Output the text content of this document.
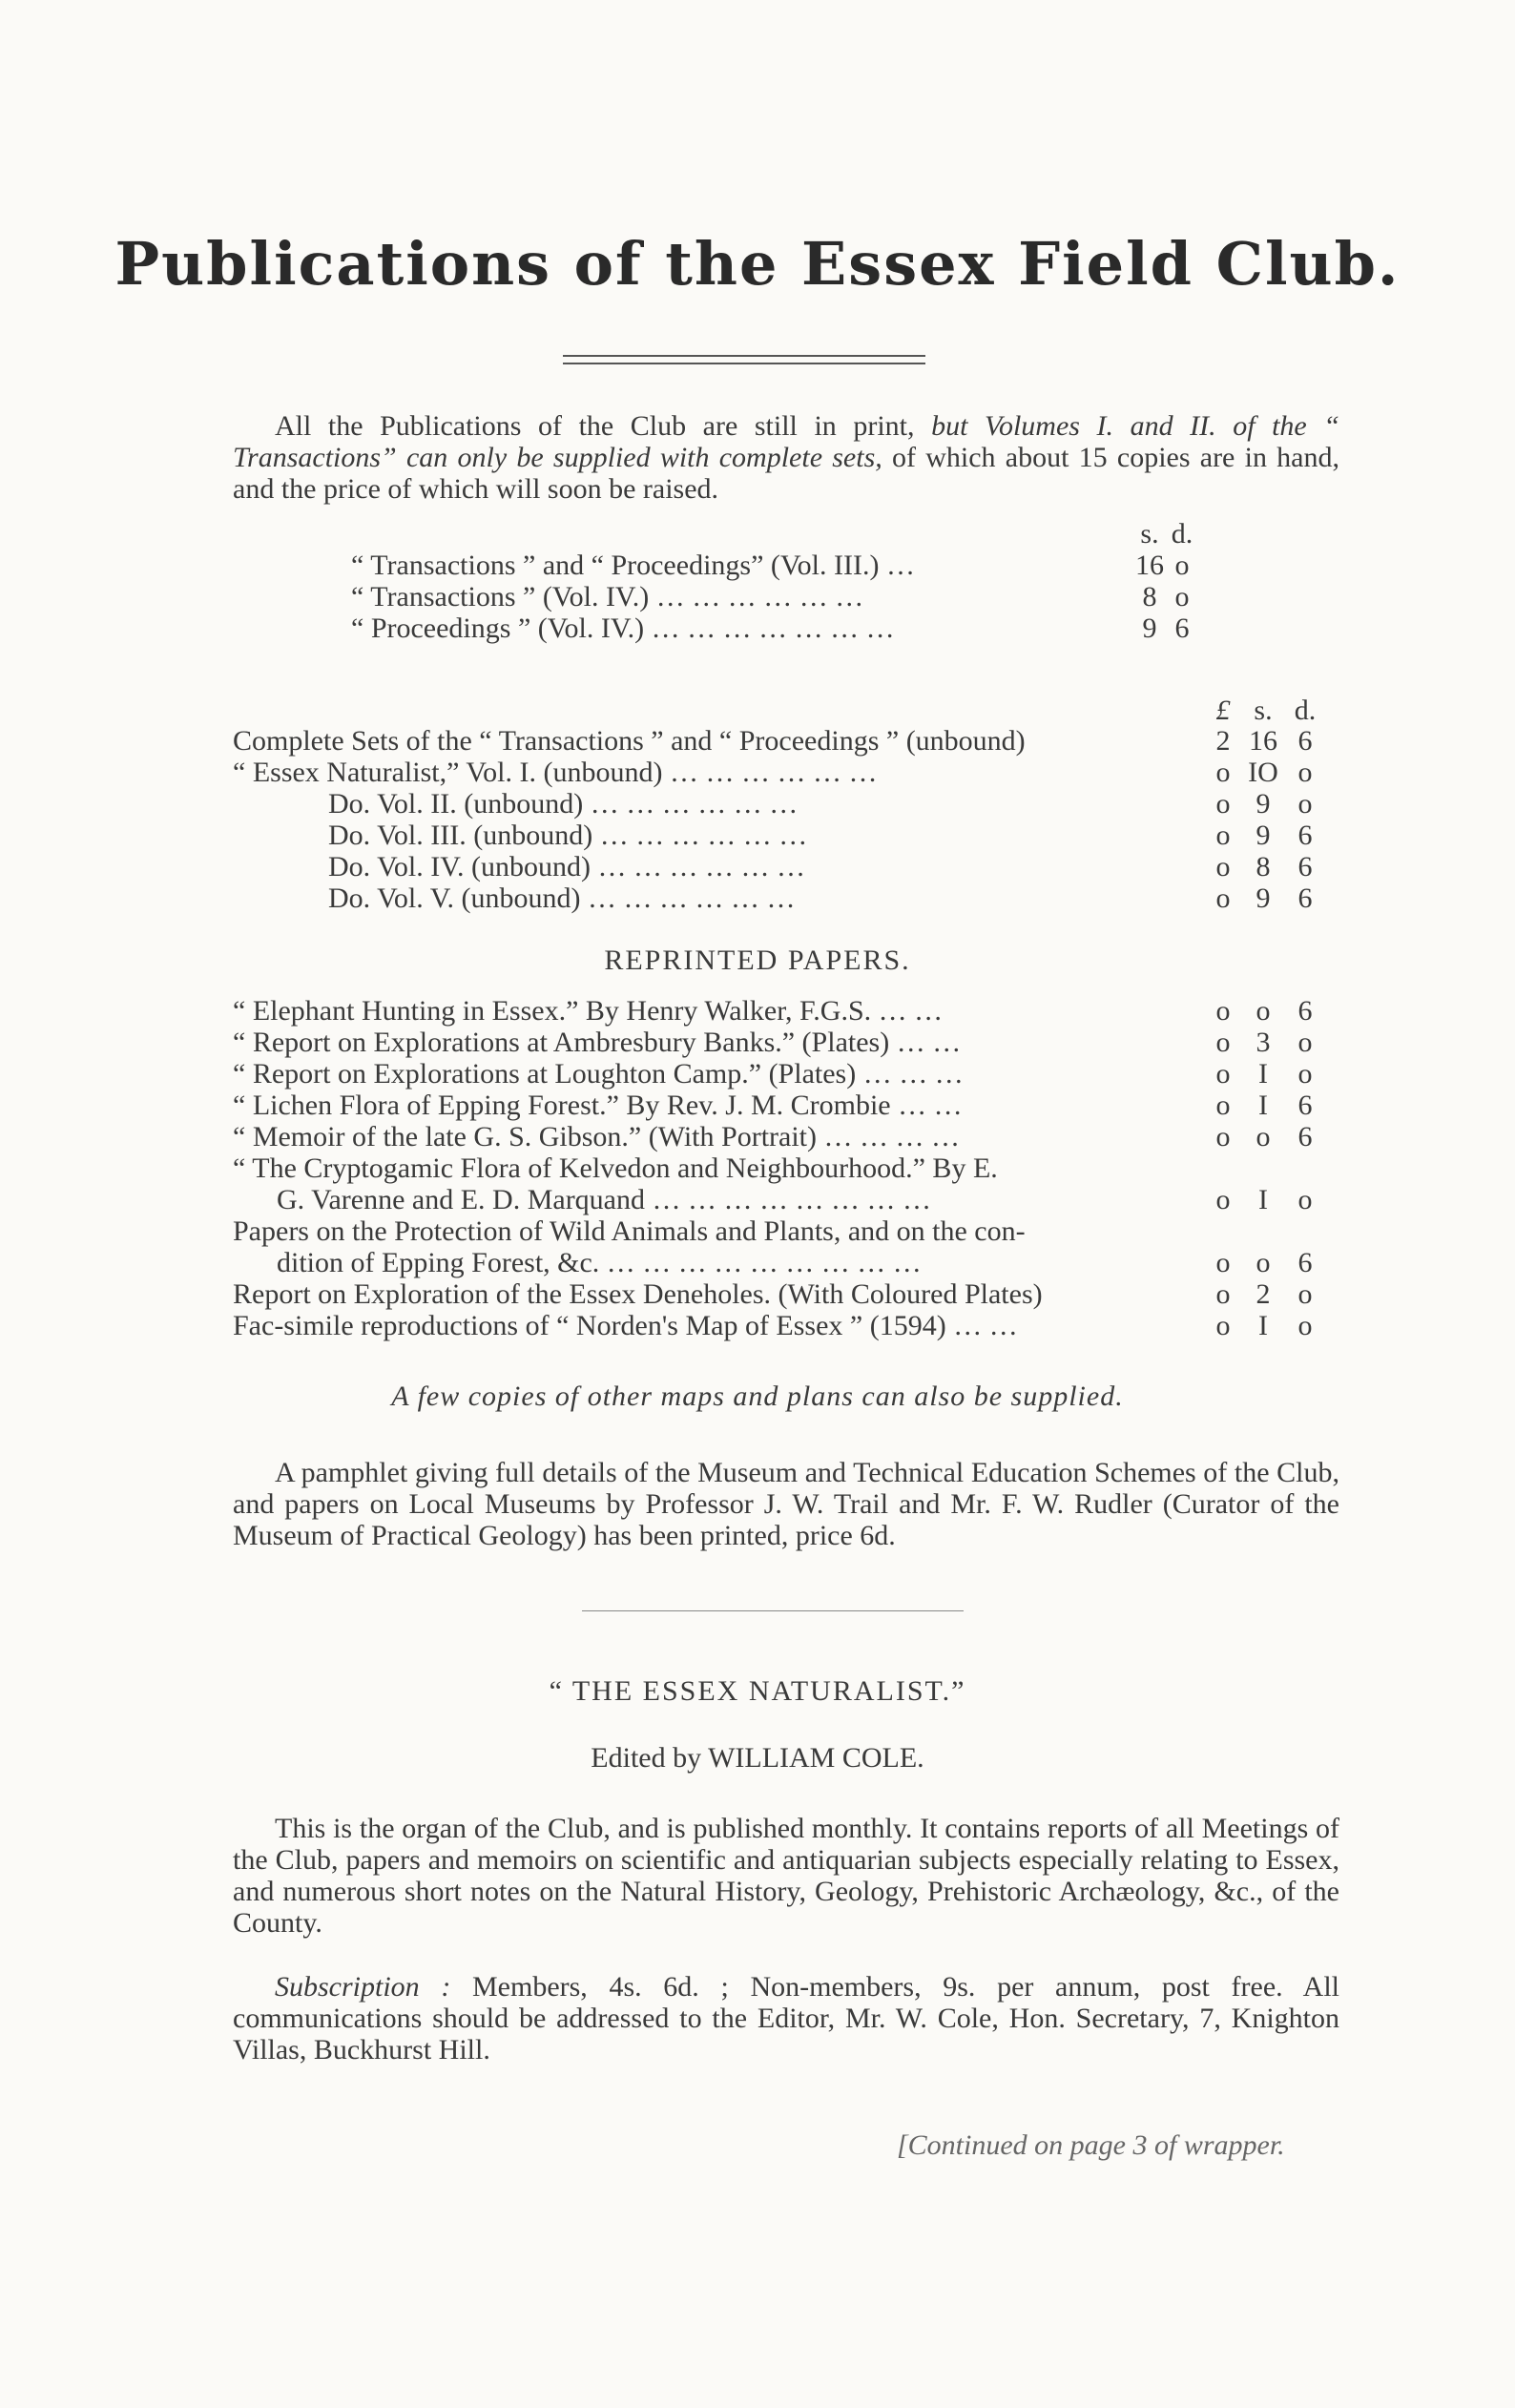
Publications of the Essex Field Club.
All the Publications of the Club are still in print, but Volumes I. and II. of the “ Transactions” can only be supplied with complete sets, of which about 15 copies are in hand, and the price of which will soon be raised.
s. d.
“ Transactions ” and “ Proceedings” (Vol. III.) …	16 o
“ Transactions ” (Vol. IV.) … … … … … …	8 o
“ Proceedings ” (Vol. IV.) … … … … … … …	9 6
£ s. d.
Complete Sets of the “ Transactions ” and “ Proceedings ” (unbound)	2 16 6
“ Essex Naturalist,” Vol. I. (unbound) … … … … … …	o IO o
Do. Vol. II. (unbound) … … … … … …	o 9 o
Do. Vol. III. (unbound) … … … … … …	o 9 6
Do. Vol. IV. (unbound) … … … … … …	o 8 6
Do. Vol. V. (unbound) … … … … … …	o 9 6
REPRINTED PAPERS.
“ Elephant Hunting in Essex.” By Henry Walker, F.G.S. … …	o o 6
“ Report on Explorations at Ambresbury Banks.” (Plates) … …	o 3 o
“ Report on Explorations at Loughton Camp.” (Plates) … … …	o I	o
“ Lichen Flora of Epping Forest.” By Rev. J. M. Crombie … …	o I	6
“ Memoir of the late G. S. Gibson.” (With Portrait) … … … …	o o 6
“ The Cryptogamic Flora of Kelvedon and Neighbourhood.” By E.
G. Varenne and E. D. Marquand … … … … … … … …	o I	o
Papers on the Protection of Wild Animals and Plants, and on the con-
dition of Epping Forest, &c. … … … … … … … … …	o o 6
Report on Exploration of the Essex Deneholes. (With Coloured Plates)	o 2 o
Fac-simile reproductions of “ Norden's Map of Essex ” (1594) … …	o I	o
A few copies of other maps and plans can also be supplied.
A pamphlet giving full details of the Museum and Technical Education Schemes of the Club, and papers on Local Museums by Professor J. W. Trail and Mr. F. W. Rudler (Curator of the Museum of Practical Geology) has been printed, price 6d.
“ THE ESSEX NATURALIST.”
Edited by WILLIAM COLE.
This is the organ of the Club, and is published monthly. It contains reports of all Meetings of the Club, papers and memoirs on scientific and antiquarian subjects especially relating to Essex, and numerous short notes on the Natural History, Geology, Prehistoric Archæology, &c., of the County.
Subscription : Members, 4s. 6d. ; Non-members, 9s. per annum, post free. All communications should be addressed to the Editor, Mr. W. Cole, Hon. Secretary, 7, Knighton Villas, Buckhurst Hill.
[Continued on page 3 of wrapper.
